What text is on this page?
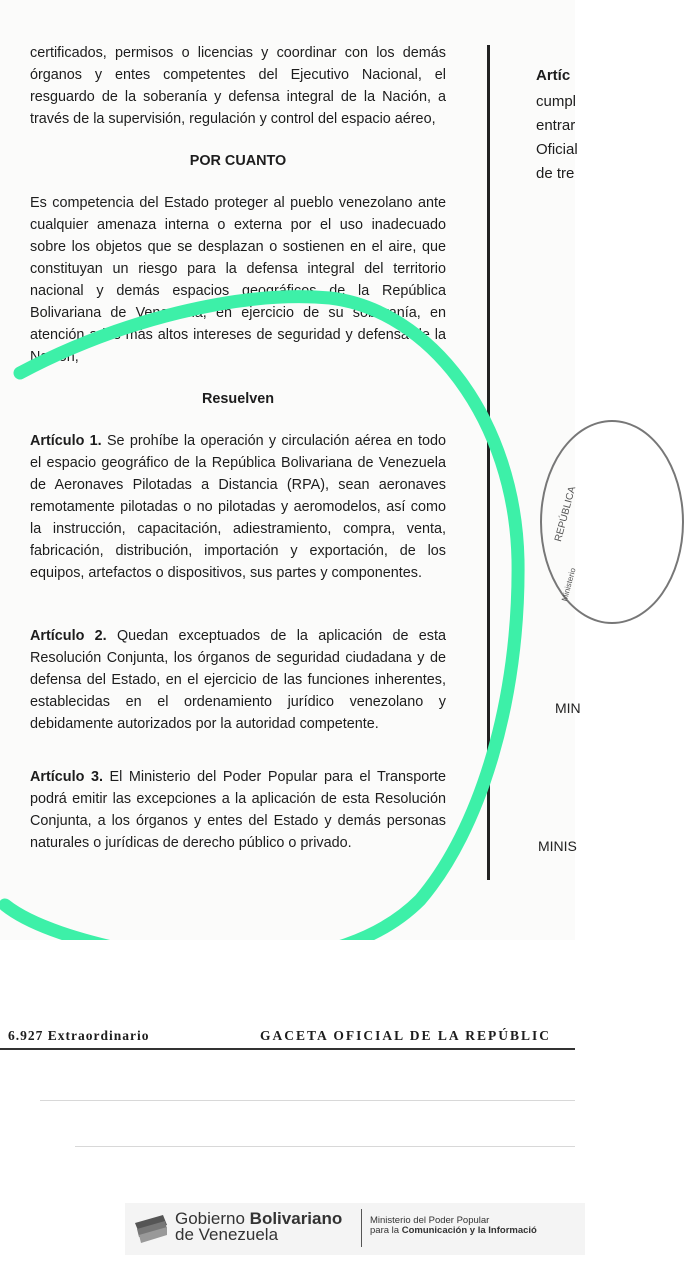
certificados, permisos o licencias y coordinar con los demás órganos y entes competentes del Ejecutivo Nacional, el resguardo de la soberanía y defensa integral de la Nación, a través de la supervisión, regulación y control del espacio aéreo,

POR CUANTO

Es competencia del Estado proteger al pueblo venezolano ante cualquier amenaza interna o externa por el uso inadecuado sobre los objetos que se desplazan o sostienen en el aire, que constituyan un riesgo para la defensa integral del territorio nacional y demás espacios geográficos de la República Bolivariana de Venezuela, en ejercicio de su soberanía, en atención a los más altos intereses de seguridad y defensa de la Nación,

Resuelven

Artículo 1. Se prohíbe la operación y circulación aérea en todo el espacio geográfico de la República Bolivariana de Venezuela de Aeronaves Pilotadas a Distancia (RPA), sean aeronaves remotamente pilotadas o no pilotadas y aeromodelos, así como la instrucción, capacitación, adiestramiento, compra, venta, fabricación, distribución, importación y exportación, de los equipos, artefactos o dispositivos, sus partes y componentes.

Artículo 2. Quedan exceptuados de la aplicación de esta Resolución Conjunta, los órganos de seguridad ciudadana y de defensa del Estado, en el ejercicio de las funciones inherentes, establecidas en el ordenamiento jurídico venezolano y debidamente autorizados por la autoridad competente.

Artículo 3. El Ministerio del Poder Popular para el Transporte podrá emitir las excepciones a la aplicación de esta Resolución Conjunta, a los órganos y entes del Estado y demás personas naturales o jurídicas de derecho público o privado.

Artíc
cumpl
entrar
Oficial
de tre
REPÚBLICA
Ministerio
MIN
MINIS
6.927 Extraordinario	GACETA OFICIAL DE LA REPÚBLIC
Gobierno Bolivariano
de Venezuela
Ministerio del Poder Popular
para la Comunicación y la Informació
